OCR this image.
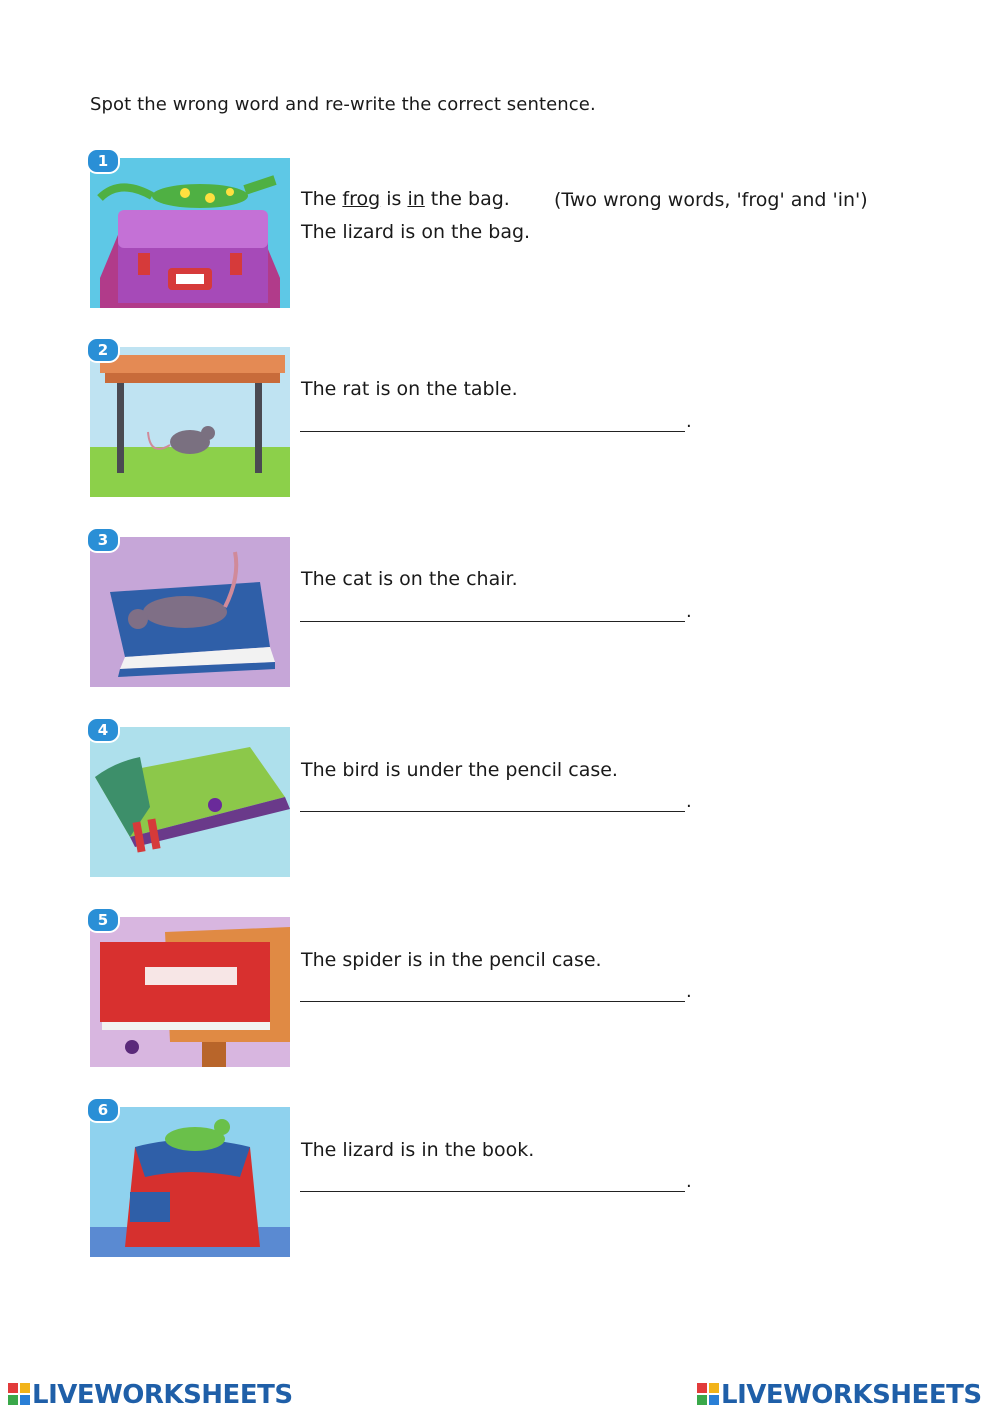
Spot the wrong word and re-write the correct sentence.
1
The frog is in the bag. (Two wrong words, 'frog' and 'in')
The lizard is on the bag.
2
The rat is on the table.
.
3
The cat is on the chair.
.
4
The bird is under the pencil case.
.
5
The spider is in the pencil case.
.
6
The lizard is in the book.
.
LIVEWORKSHEETS	LIVEWORKSHEETS
